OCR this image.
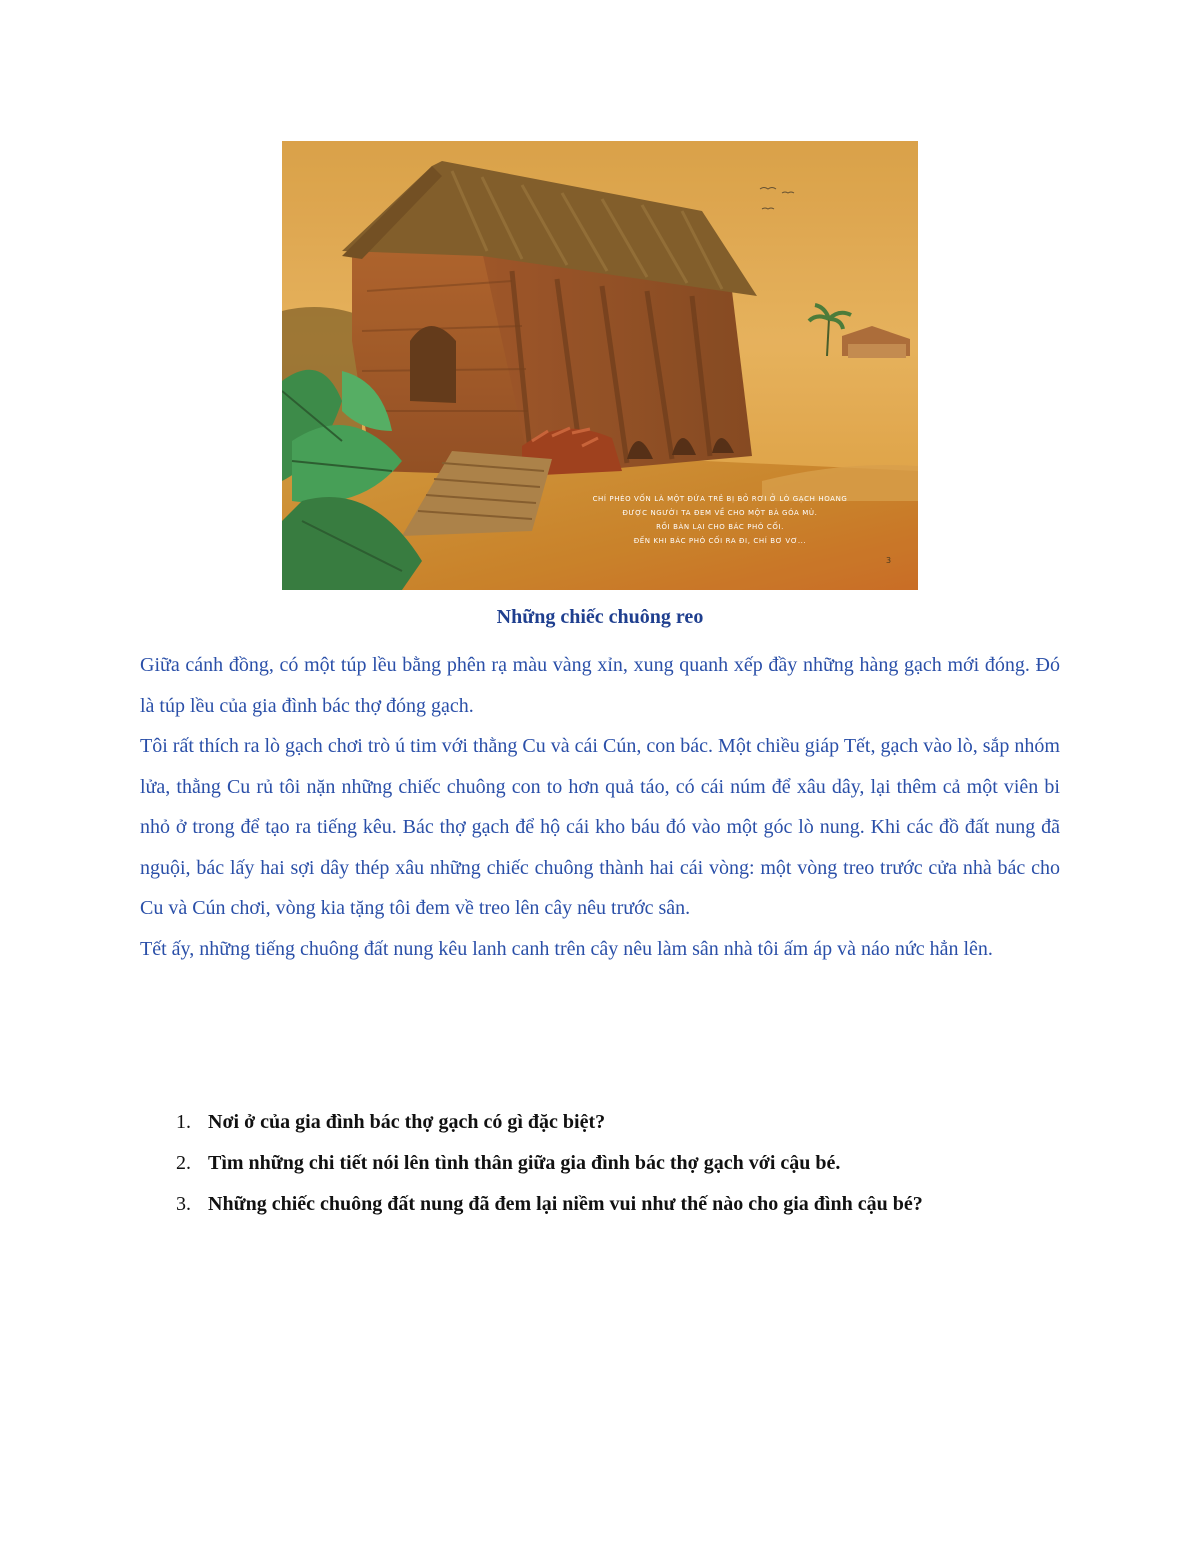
CHÍ PHÈO VỐN LÀ MỘT ĐỨA TRẺ BỊ BỎ RƠI Ở LÒ GẠCH HOANG
ĐƯỢC NGƯỜI TA ĐEM VỀ CHO MỘT BÀ GÓA MÙ.
RỒI BÀN LẠI CHO BÁC PHÓ CỐI.
ĐẾN KHI BÁC PHÓ CỐI RA ĐI, CHÍ BƠ VƠ...
3
Những chiếc chuông reo

Giữa cánh đồng, có một túp lều bằng phên rạ màu vàng xỉn, xung quanh xếp đầy những hàng gạch mới đóng. Đó là túp lều của gia đình bác thợ đóng gạch.

Tôi rất thích ra lò gạch chơi trò ú tim với thằng Cu và cái Cún, con bác. Một chiều giáp Tết, gạch vào lò, sắp nhóm lửa, thằng Cu rủ tôi nặn những chiếc chuông con to hơn quả táo, có cái núm để xâu dây, lại thêm cả một viên bi nhỏ ở trong để tạo ra tiếng kêu. Bác thợ gạch để hộ cái kho báu đó vào một góc lò nung. Khi các đồ đất nung đã nguội, bác lấy hai sợi dây thép xâu những chiếc chuông thành hai cái vòng: một vòng treo trước cửa nhà bác cho Cu và Cún chơi, vòng kia tặng tôi đem về treo lên cây nêu trước sân.

Tết ấy, những tiếng chuông đất nung kêu lanh canh trên cây nêu làm sân nhà tôi ấm áp và náo nức hẳn lên.

1. Nơi ở của gia đình bác thợ gạch có gì đặc biệt?
2. Tìm những chi tiết nói lên tình thân giữa gia đình bác thợ gạch với cậu bé.
3. Những chiếc chuông đất nung đã đem lại niềm vui như thế nào cho gia đình cậu bé?
